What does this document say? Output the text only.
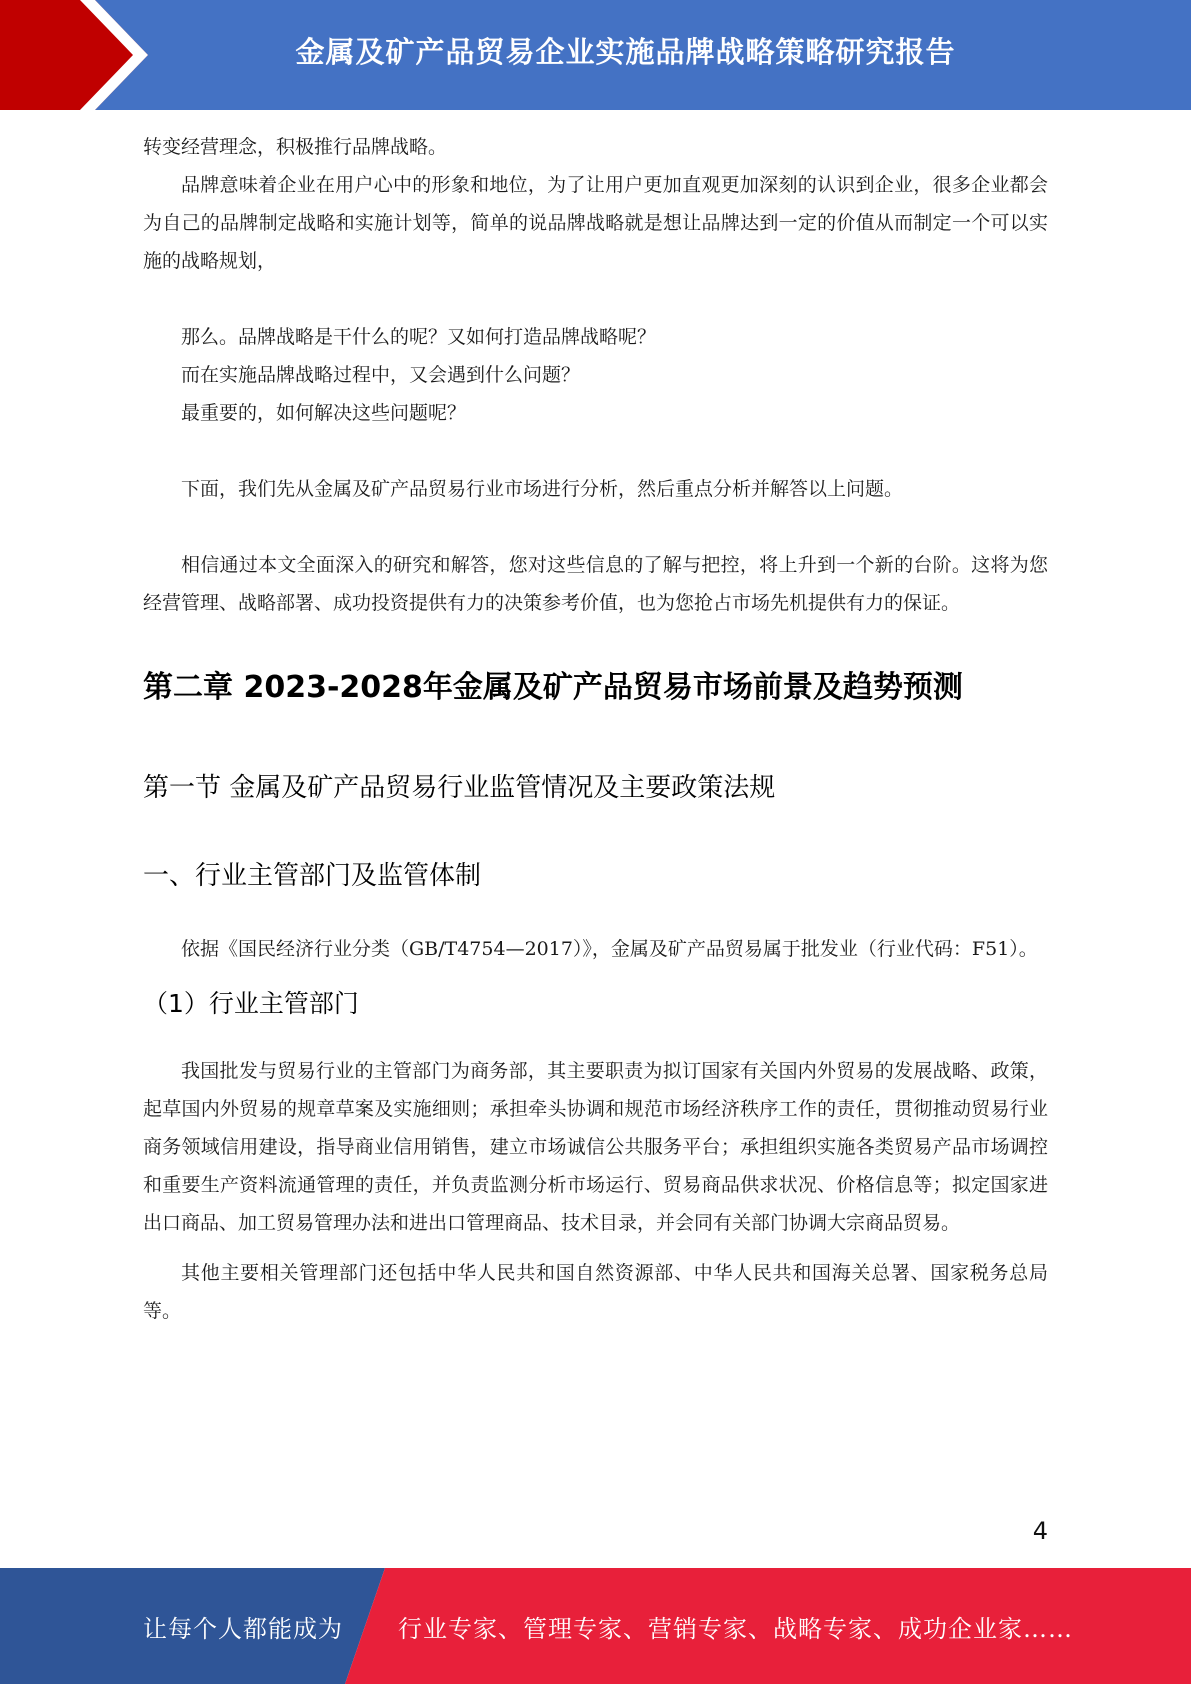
金属及矿产品贸易企业实施品牌战略策略研究报告

转变经营理念，积极推行品牌战略。

品牌意味着企业在用户心中的形象和地位，为了让用户更加直观更加深刻的认识到企业，很多企业都会为自己的品牌制定战略和实施计划等，简单的说品牌战略就是想让品牌达到一定的价值从而制定一个可以实施的战略规划，

那么。品牌战略是干什么的呢？又如何打造品牌战略呢？

而在实施品牌战略过程中，又会遇到什么问题？

最重要的，如何解决这些问题呢？

下面，我们先从金属及矿产品贸易行业市场进行分析，然后重点分析并解答以上问题。

相信通过本文全面深入的研究和解答，您对这些信息的了解与把控，将上升到一个新的台阶。这将为您经营管理、战略部署、成功投资提供有力的决策参考价值，也为您抢占市场先机提供有力的保证。

第二章 2023-2028年金属及矿产品贸易市场前景及趋势预测
第一节 金属及矿产品贸易行业监管情况及主要政策法规
一、行业主管部门及监管体制

依据《国民经济行业分类（GB/T4754—2017）》，金属及矿产品贸易属于批发业（行业代码：F51）。

（1）行业主管部门

我国批发与贸易行业的主管部门为商务部，其主要职责为拟订国家有关国内外贸易的发展战略、政策，起草国内外贸易的规章草案及实施细则；承担牵头协调和规范市场经济秩序工作的责任，贯彻推动贸易行业商务领域信用建设，指导商业信用销售，建立市场诚信公共服务平台；承担组织实施各类贸易产品市场调控和重要生产资料流通管理的责任，并负责监测分析市场运行、贸易商品供求状况、价格信息等；拟定国家进出口商品、加工贸易管理办法和进出口管理商品、技术目录，并会同有关部门协调大宗商品贸易。

其他主要相关管理部门还包括中华人民共和国自然资源部、中华人民共和国海关总署、国家税务总局等。

4
让每个人都能成为 行业专家、管理专家、营销专家、战略专家、成功企业家……
